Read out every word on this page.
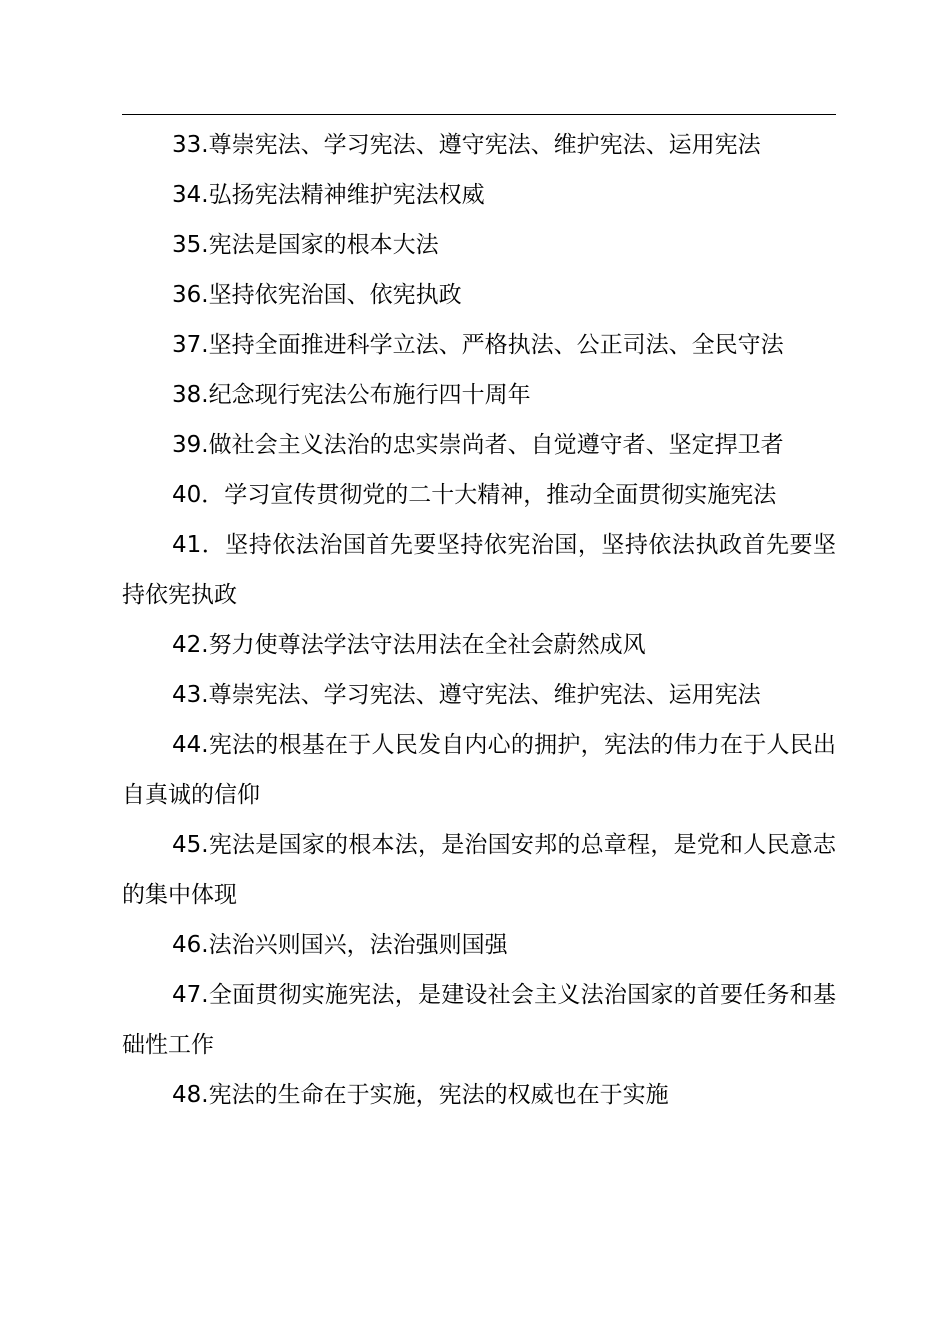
33.尊崇宪法、学习宪法、遵守宪法、维护宪法、运用宪法

34.弘扬宪法精神维护宪法权威

35.宪法是国家的根本大法

36.坚持依宪治国、依宪执政

37.坚持全面推进科学立法、严格执法、公正司法、全民守法

38.纪念现行宪法公布施行四十周年

39.做社会主义法治的忠实崇尚者、自觉遵守者、坚定捍卫者

40．学习宣传贯彻党的二十大精神，推动全面贯彻实施宪法

41．坚持依法治国首先要坚持依宪治国，坚持依法执政首先要坚持依宪执政

42.努力使尊法学法守法用法在全社会蔚然成风

43.尊崇宪法、学习宪法、遵守宪法、维护宪法、运用宪法

44.宪法的根基在于人民发自内心的拥护，宪法的伟力在于人民出自真诚的信仰

45.宪法是国家的根本法，是治国安邦的总章程，是党和人民意志的集中体现

46.法治兴则国兴，法治强则国强

47.全面贯彻实施宪法，是建设社会主义法治国家的首要任务和基础性工作

48.宪法的生命在于实施，宪法的权威也在于实施
